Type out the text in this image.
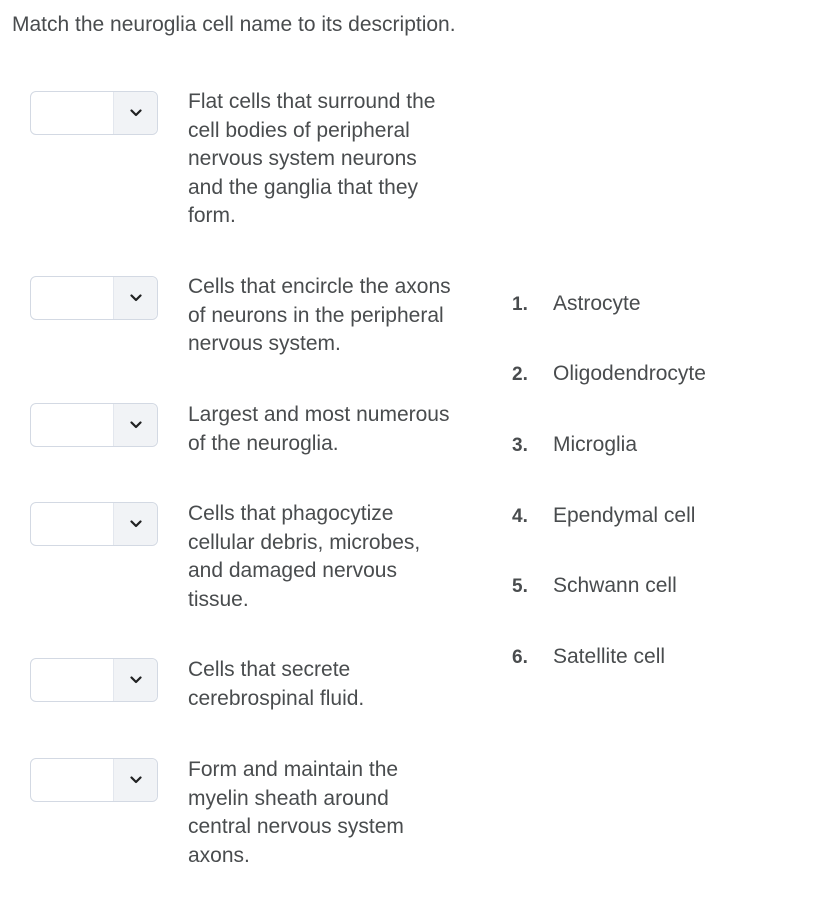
Match the neuroglia cell name to its description.
Flat cells that surround the
cell bodies of peripheral
nervous system neurons
and the ganglia that they
form.
Cells that encircle the axons
of neurons in the peripheral
nervous system.
Largest and most numerous
of the neuroglia.
Cells that phagocytize
cellular debris, microbes,
and damaged nervous
tissue.
Cells that secrete
cerebrospinal fluid.
Form and maintain the
myelin sheath around
central nervous system
axons.
1. Astrocyte
2. Oligodendrocyte
3. Microglia
4. Ependymal cell
5. Schwann cell
6. Satellite cell
